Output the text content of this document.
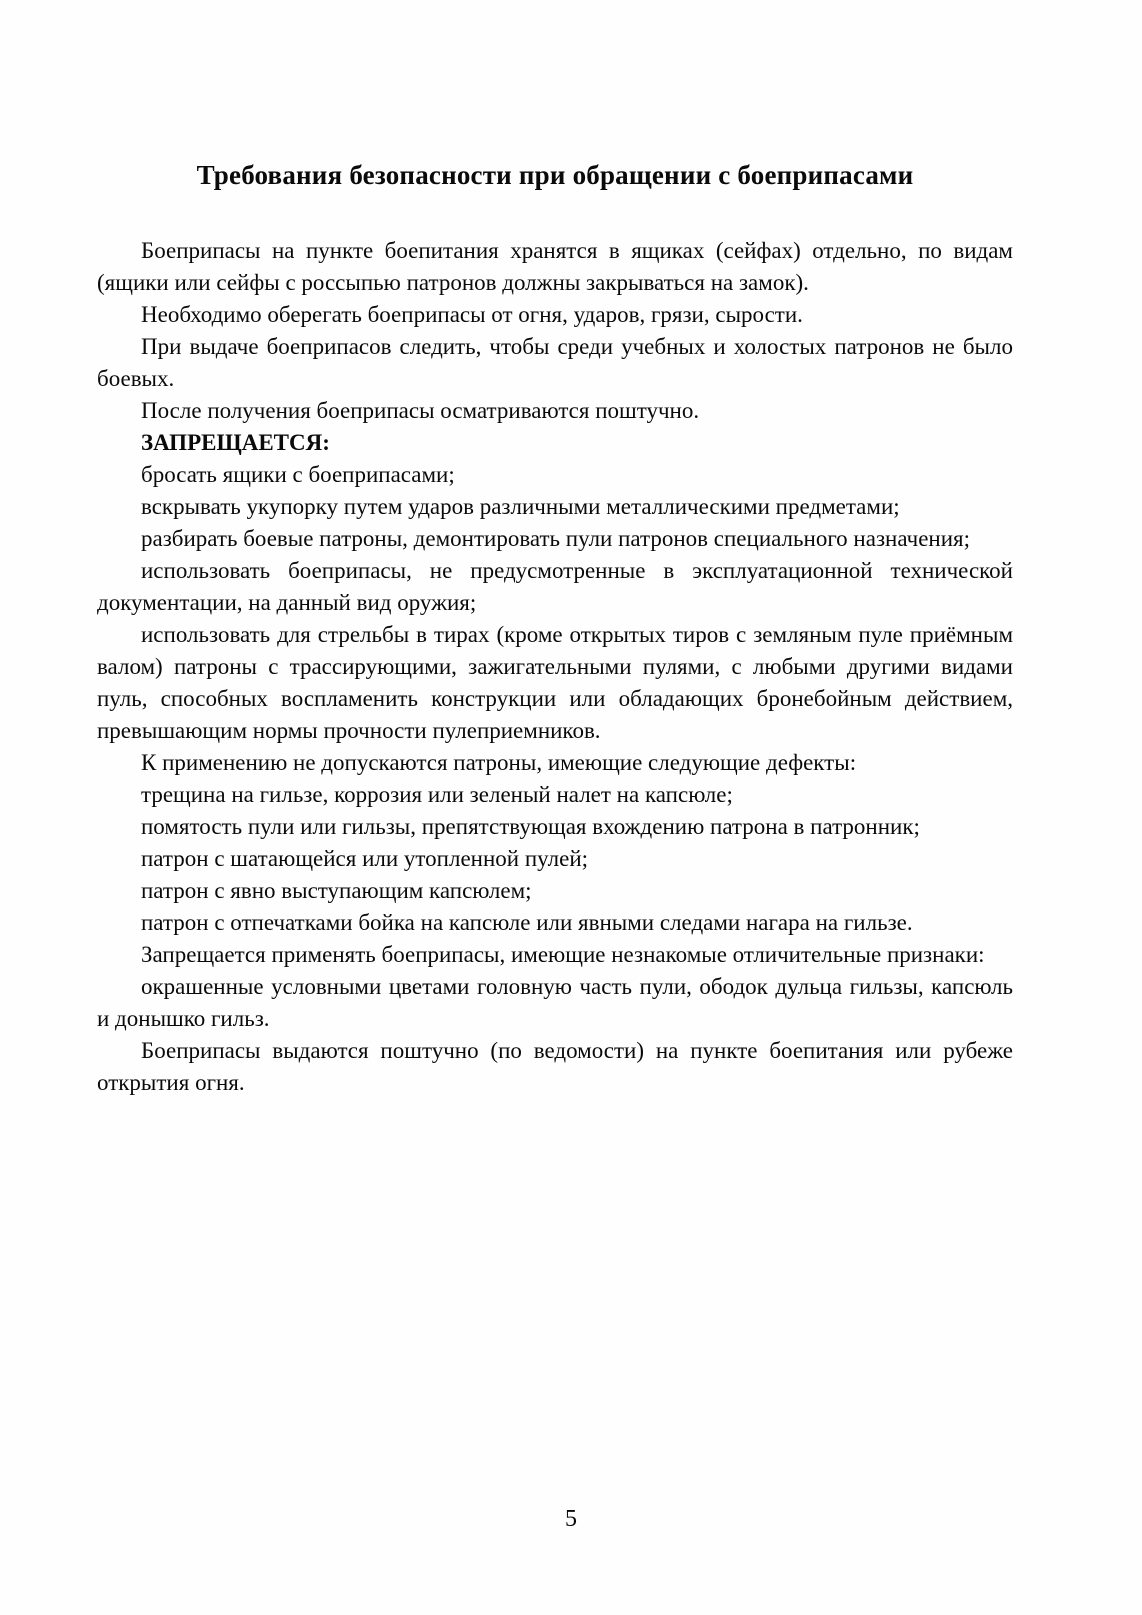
Требования безопасности при обращении с боеприпасами

Боеприпасы на пункте боепитания хранятся в ящиках (сейфах) отдельно, по видам (ящики или сейфы с россыпью патронов должны закрываться на замок).

Необходимо оберегать боеприпасы от огня, ударов, грязи, сырости.

При выдаче боеприпасов следить, чтобы среди учебных и холостых патронов не было боевых.

После получения боеприпасы осматриваются поштучно.

ЗАПРЕЩАЕТСЯ:

бросать ящики с боеприпасами;

вскрывать укупорку путем ударов различными металлическими предметами;

разбирать боевые патроны, демонтировать пули патронов специального назначения;

использовать боеприпасы, не предусмотренные в эксплуатационной технической документации, на данный вид оружия;

использовать для стрельбы в тирах (кроме открытых тиров с земляным пуле приёмным валом) патроны с трассирующими, зажигательными пулями, с любыми другими видами пуль, способных воспламенить конструкции или обладающих бронебойным действием, превышающим нормы прочности пулеприемников.

К применению не допускаются патроны, имеющие следующие дефекты:

трещина на гильзе, коррозия или зеленый налет на капсюле;

помятость пули или гильзы, препятствующая вхождению патрона в патронник;

патрон с шатающейся или утопленной пулей;

патрон с явно выступающим капсюлем;

патрон с отпечатками бойка на капсюле или явными следами нагара на гильзе.

Запрещается применять боеприпасы, имеющие незнакомые отличительные признаки:

окрашенные условными цветами головную часть пули, ободок дульца гильзы, капсюль и донышко гильз.

Боеприпасы выдаются поштучно (по ведомости) на пункте боепитания или рубеже открытия огня.

5
